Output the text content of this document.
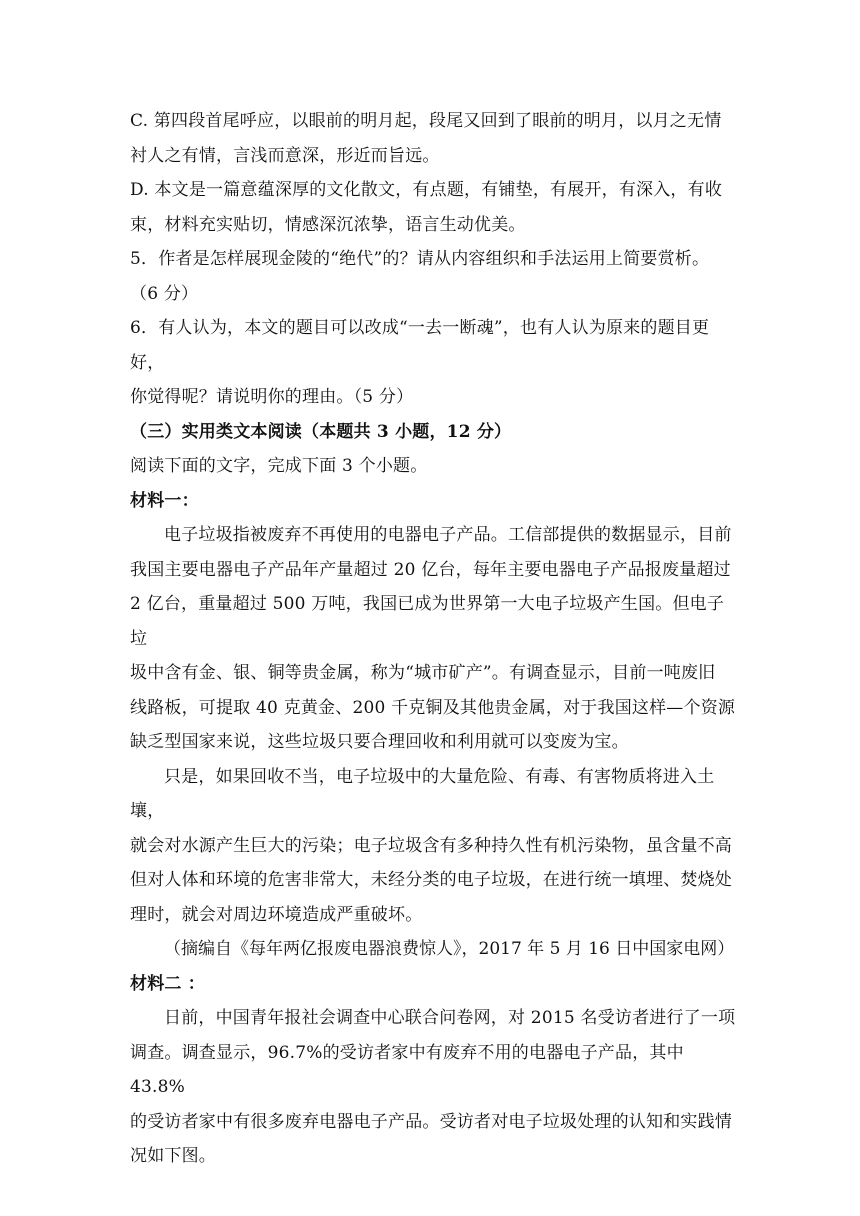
C. 第四段首尾呼应，以眼前的明月起，段尾又回到了眼前的明月，以月之无情

衬人之有情，言浅而意深，形近而旨远。

D. 本文是一篇意蕴深厚的文化散文，有点题，有铺垫，有展开，有深入，有收

束，材料充实贴切，情感深沉浓挚，语言生动优美。

5．作者是怎样展现金陵的“绝代”的？请从内容组织和手法运用上简要赏析。

（6 分）

6．有人认为，本文的题目可以改成“一去一断魂”，也有人认为原来的题目更好，

你觉得呢？请说明你的理由。（5 分）

（三）实用类文本阅读（本题共 3 小题，12 分）

阅读下面的文字，完成下面 3 个小题。

材料一：

电子垃圾指被废弃不再使用的电器电子产品。工信部提供的数据显示，目前

我国主要电器电子产品年产量超过 20 亿台，每年主要电器电子产品报废量超过

2 亿台，重量超过 500 万吨，我国已成为世界第一大电子垃圾产生国。但电子垃

圾中含有金、银、铜等贵金属，称为“城市矿产”。有调查显示，目前一吨废旧

线路板，可提取 40 克黄金、200 千克铜及其他贵金属，对于我国这样—个资源

缺乏型国家来说，这些垃圾只要合理回收和利用就可以变废为宝。

只是，如果回收不当，电子垃圾中的大量危险、有毒、有害物质将进入土壤，

就会对水源产生巨大的污染；电子垃圾含有多种持久性有机污染物，虽含量不高

但对人体和环境的危害非常大，未经分类的电子垃圾，在进行统一填埋、焚烧处

理时，就会对周边环境造成严重破坏。

（摘编自《每年两亿报废电器浪费惊人》，2017 年 5 月 16 日中国家电网）

材料二 ：

日前，中国青年报社会调查中心联合问卷网，对 2015 名受访者进行了一项

调查。调查显示，96.7%的受访者家中有废弃不用的电器电子产品，其中 43.8%

的受访者家中有很多废弃电器电子产品。受访者对电子垃圾处理的认知和实践情

况如下图。
